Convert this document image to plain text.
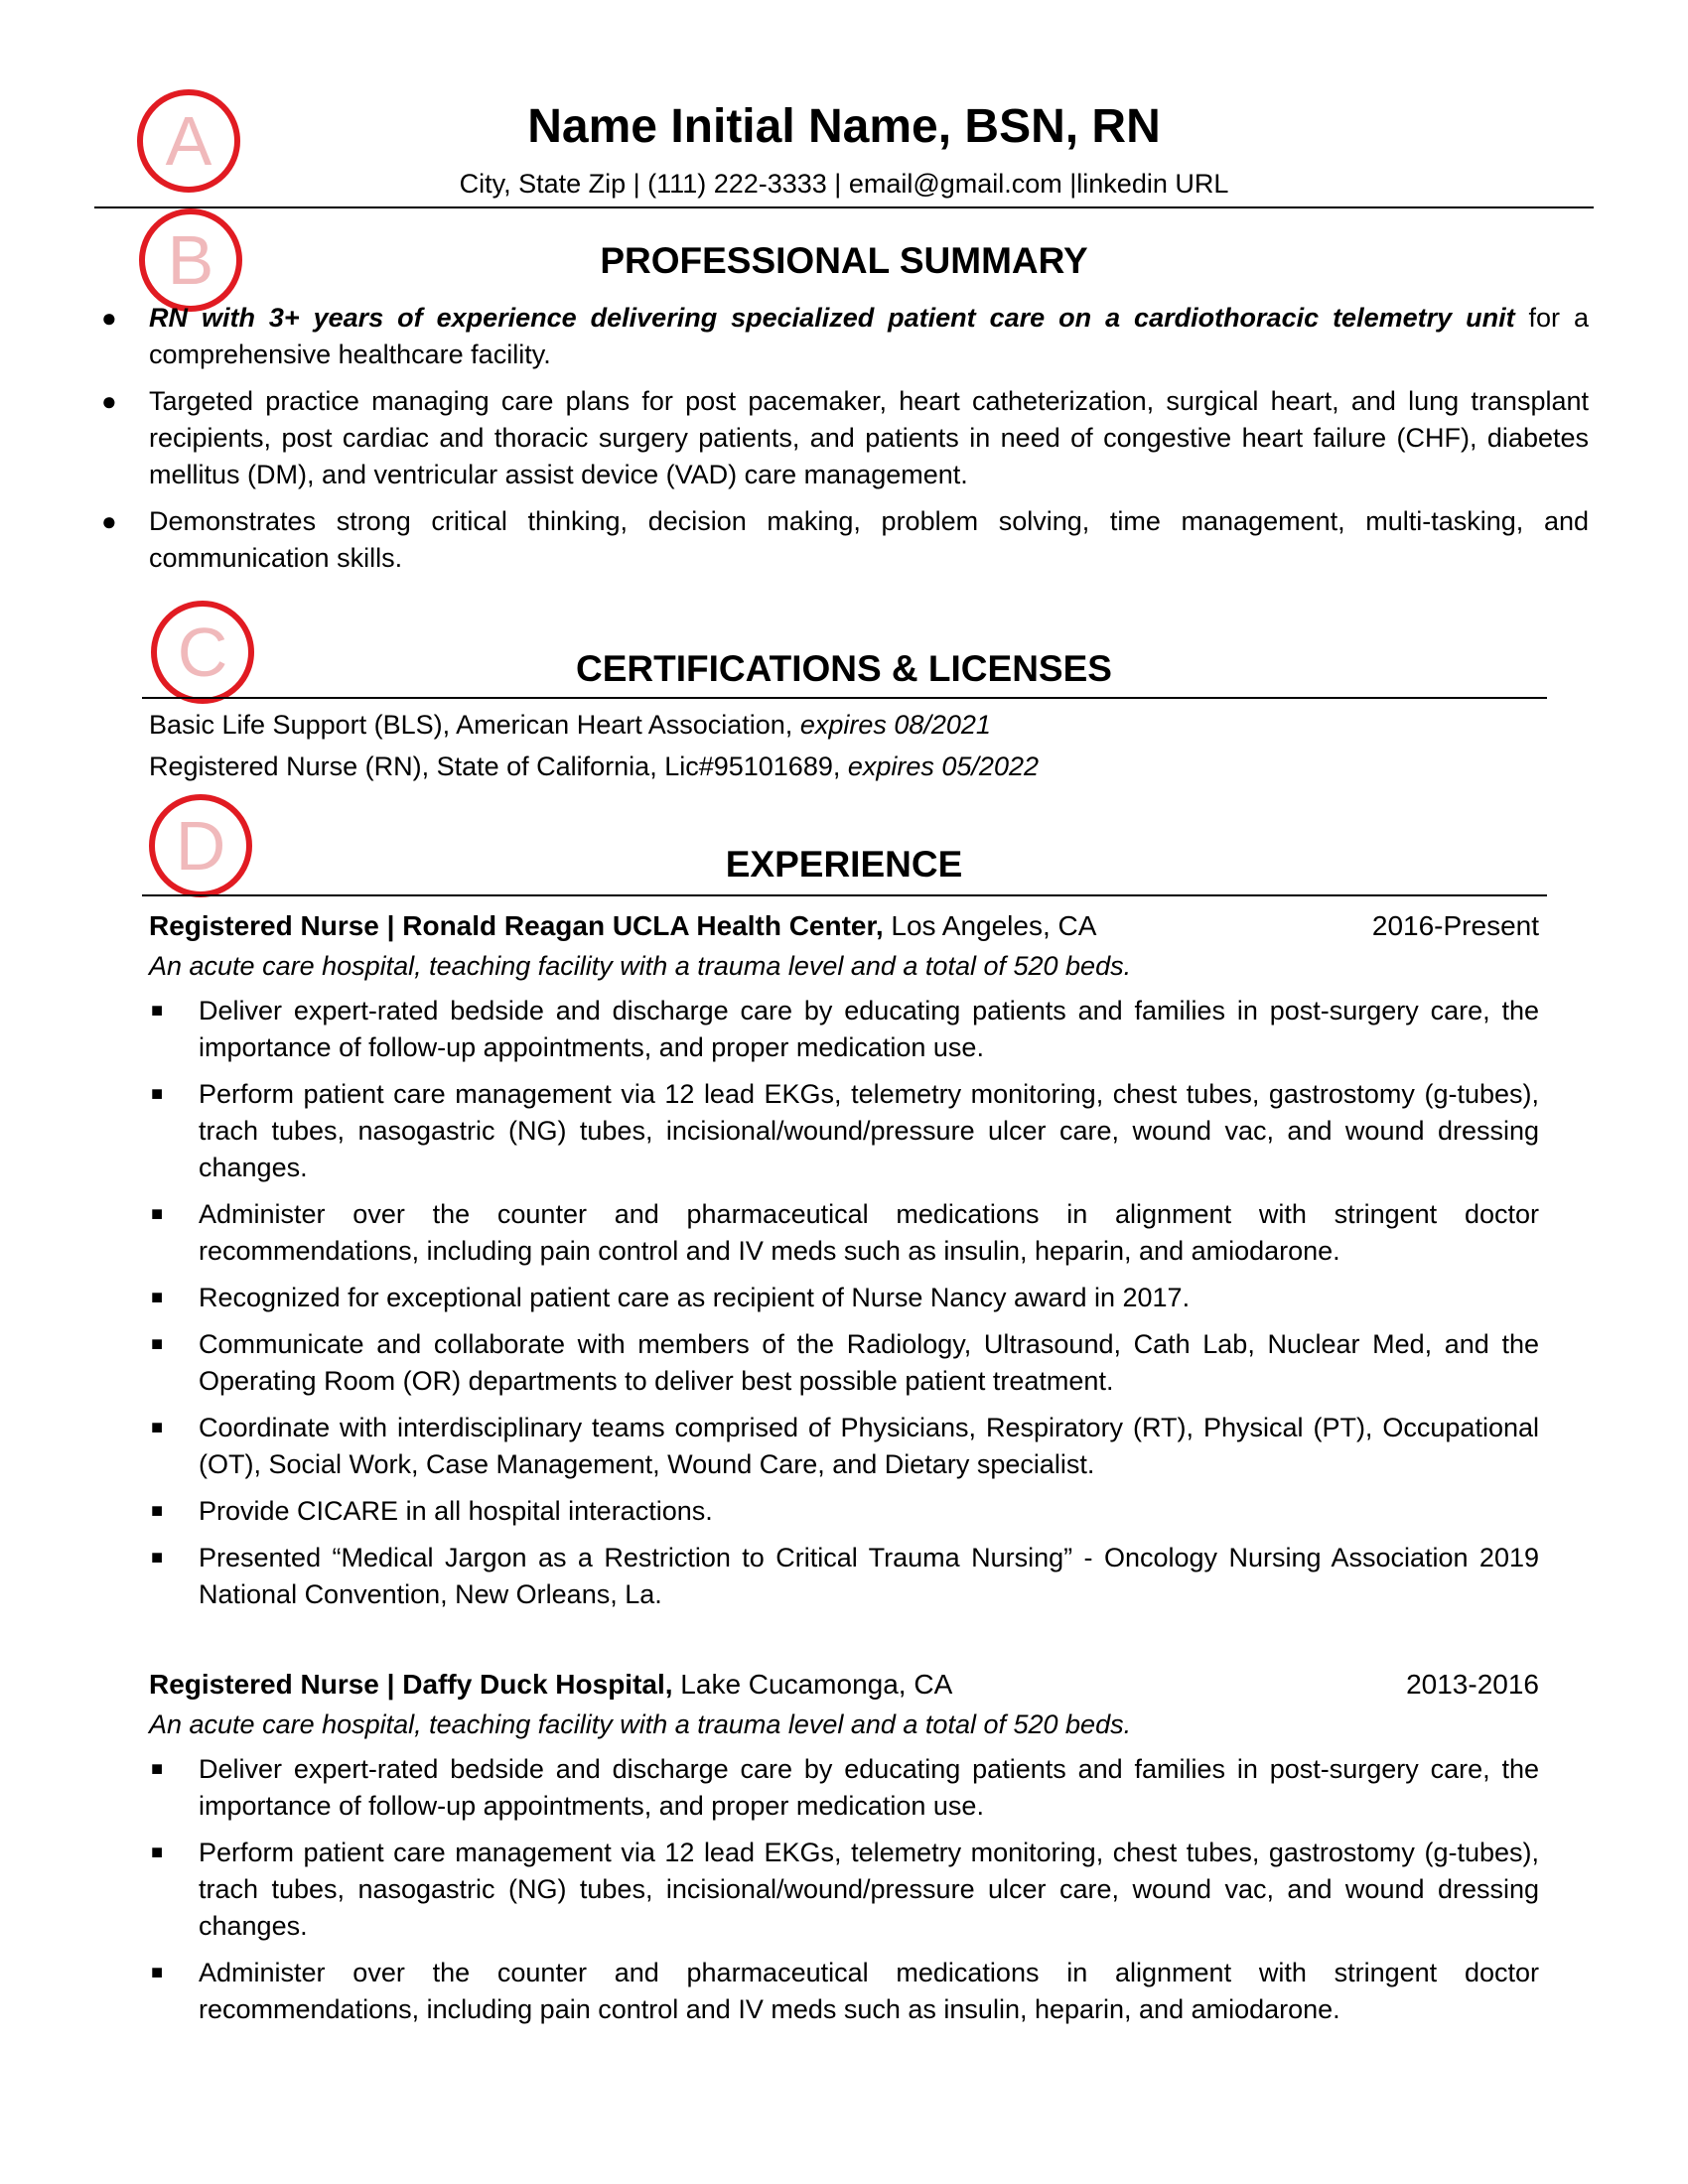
A
B
C
D
Name Initial Name, BSN, RN
City, State Zip | (111) 222-3333 | email@gmail.com |linkedin URL
PROFESSIONAL SUMMARY
● RN with 3+ years of experience delivering specialized patient care on a cardiothoracic telemetry unit for a comprehensive healthcare facility.
● Targeted practice managing care plans for post pacemaker, heart catheterization, surgical heart, and lung transplant recipients, post cardiac and thoracic surgery patients, and patients in need of congestive heart failure (CHF), diabetes mellitus (DM), and ventricular assist device (VAD) care management.
● Demonstrates strong critical thinking, decision making, problem solving, time management, multi-tasking, and communication skills.
CERTIFICATIONS & LICENSES
Basic Life Support (BLS), American Heart Association, expires 08/2021
Registered Nurse (RN), State of California, Lic#95101689, expires 05/2022
EXPERIENCE
Registered Nurse | Ronald Reagan UCLA Health Center, Los Angeles, CA	2016-Present
An acute care hospital, teaching facility with a trauma level and a total of 520 beds.
■ Deliver expert-rated bedside and discharge care by educating patients and families in post-surgery care, the importance of follow-up appointments, and proper medication use.
■ Perform patient care management via 12 lead EKGs, telemetry monitoring, chest tubes, gastrostomy (g-tubes), trach tubes, nasogastric (NG) tubes, incisional/wound/pressure ulcer care, wound vac, and wound dressing changes.
■ Administer over the counter and pharmaceutical medications in alignment with stringent doctor recommendations, including pain control and IV meds such as insulin, heparin, and amiodarone.
■ Recognized for exceptional patient care as recipient of Nurse Nancy award in 2017.
■ Communicate and collaborate with members of the Radiology, Ultrasound, Cath Lab, Nuclear Med, and the Operating Room (OR) departments to deliver best possible patient treatment.
■ Coordinate with interdisciplinary teams comprised of Physicians, Respiratory (RT), Physical (PT), Occupational (OT), Social Work, Case Management, Wound Care, and Dietary specialist.
■ Provide CICARE in all hospital interactions.
■ Presented “Medical Jargon as a Restriction to Critical Trauma Nursing” - Oncology Nursing Association 2019 National Convention, New Orleans, La.
Registered Nurse | Daffy Duck Hospital, Lake Cucamonga, CA	2013-2016
An acute care hospital, teaching facility with a trauma level and a total of 520 beds.
■ Deliver expert-rated bedside and discharge care by educating patients and families in post-surgery care, the importance of follow-up appointments, and proper medication use.
■ Perform patient care management via 12 lead EKGs, telemetry monitoring, chest tubes, gastrostomy (g-tubes), trach tubes, nasogastric (NG) tubes, incisional/wound/pressure ulcer care, wound vac, and wound dressing changes.
■ Administer over the counter and pharmaceutical medications in alignment with stringent doctor recommendations, including pain control and IV meds such as insulin, heparin, and amiodarone.
